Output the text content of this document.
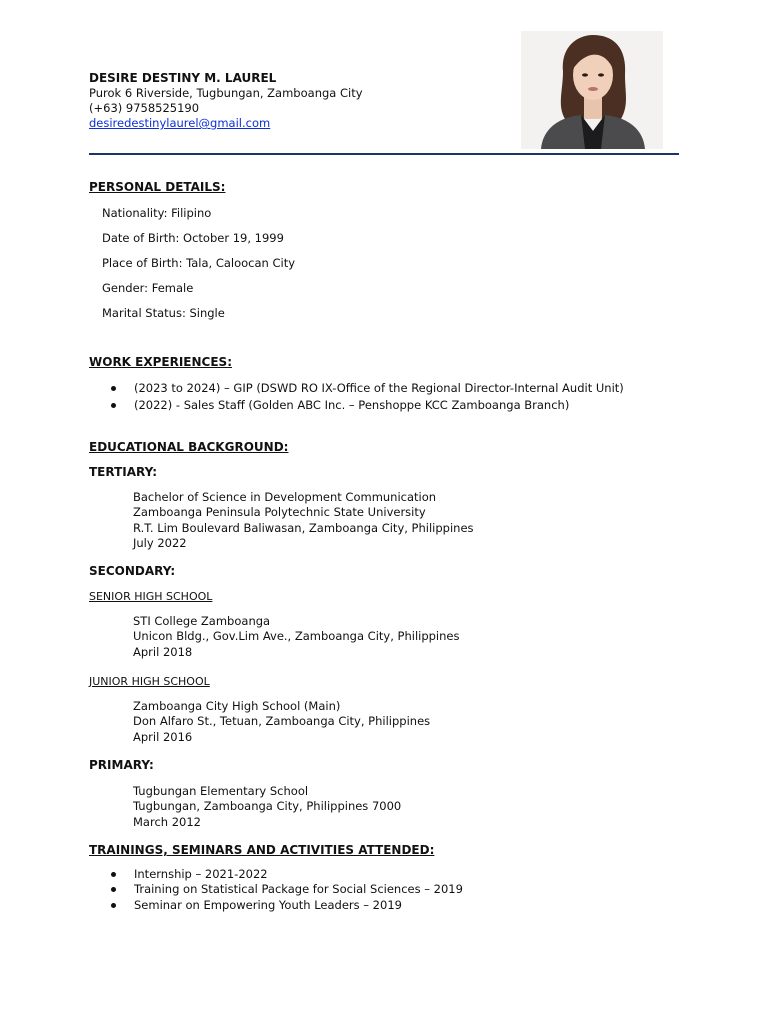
DESIRE DESTINY M. LAUREL
Purok 6 Riverside, Tugbungan, Zamboanga City
(+63) 9758525190
desiredestinylaurel@gmail.com
PERSONAL DETAILS:
Nationality: Filipino
Date of Birth: October 19, 1999
Place of Birth: Tala, Caloocan City
Gender: Female
Marital Status: Single
WORK EXPERIENCES:
(2023 to 2024) – GIP (DSWD RO IX-Office of the Regional Director-Internal Audit Unit)
(2022) - Sales Staff (Golden ABC Inc. – Penshoppe KCC Zamboanga Branch)
EDUCATIONAL BACKGROUND:
TERTIARY:
Bachelor of Science in Development Communication
Zamboanga Peninsula Polytechnic State University
R.T. Lim Boulevard Baliwasan, Zamboanga City, Philippines
July 2022
SECONDARY:
SENIOR HIGH SCHOOL
STI College Zamboanga
Unicon Bldg., Gov.Lim Ave., Zamboanga City, Philippines
April 2018
JUNIOR HIGH SCHOOL
Zamboanga City High School (Main)
Don Alfaro St., Tetuan, Zamboanga City, Philippines
April 2016
PRIMARY:
Tugbungan Elementary School
Tugbungan, Zamboanga City, Philippines 7000
March 2012
TRAININGS, SEMINARS AND ACTIVITIES ATTENDED:
Internship – 2021-2022
Training on Statistical Package for Social Sciences – 2019
Seminar on Empowering Youth Leaders – 2019
